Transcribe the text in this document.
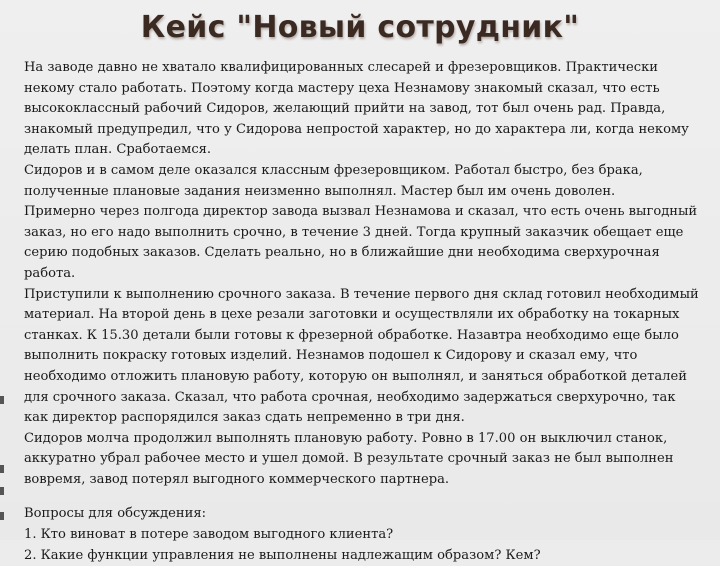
Кейс "Новый сотрудник"

На заводе давно не хватало квалифицированных слесарей и фрезеровщиков. Практически некому стало работать. Поэтому когда мастеру цеха Незнамову знакомый сказал, что есть высококлассный рабочий Сидоров, желающий прийти на завод, тот был очень рад. Правда, знакомый предупредил, что у Сидорова непростой характер, но до характера ли, когда некому делать план. Сработаемся.

Сидоров и в самом деле оказался классным фрезеровщиком. Работал быстро, без брака, полученные плановые задания неизменно выполнял. Мастер был им очень доволен.

Примерно через полгода директор завода вызвал Незнамова и сказал, что есть очень выгодный заказ, но его надо выполнить срочно, в течение 3 дней. Тогда крупный заказчик обещает еще серию подобных заказов. Сделать реально, но в ближайшие дни необходима сверхурочная работа.

Приступили к выполнению срочного заказа. В течение первого дня склад готовил необходимый материал. На второй день в цехе резали заготовки и осуществляли их обработку на токарных станках. К 15.30 детали были готовы к фрезерной обработке. Назавтра необходимо еще было выполнить покраску готовых изделий. Незнамов подошел к Сидорову и сказал ему, что необходимо отложить плановую работу, которую он выполнял, и заняться обработкой деталей для срочного заказа. Сказал, что работа срочная, необходимо задержаться сверхурочно, так как директор распорядился заказ сдать непременно в три дня.

Сидоров молча продолжил выполнять плановую работу. Ровно в 17.00 он выключил станок, аккуратно убрал рабочее место и ушел домой. В результате срочный заказ не был выполнен вовремя, завод потерял выгодного коммерческого партнера.

Вопросы для обсуждения:

1. Кто виноват в потере заводом выгодного клиента?

2. Какие функции управления не выполнены надлежащим образом? Кем?
